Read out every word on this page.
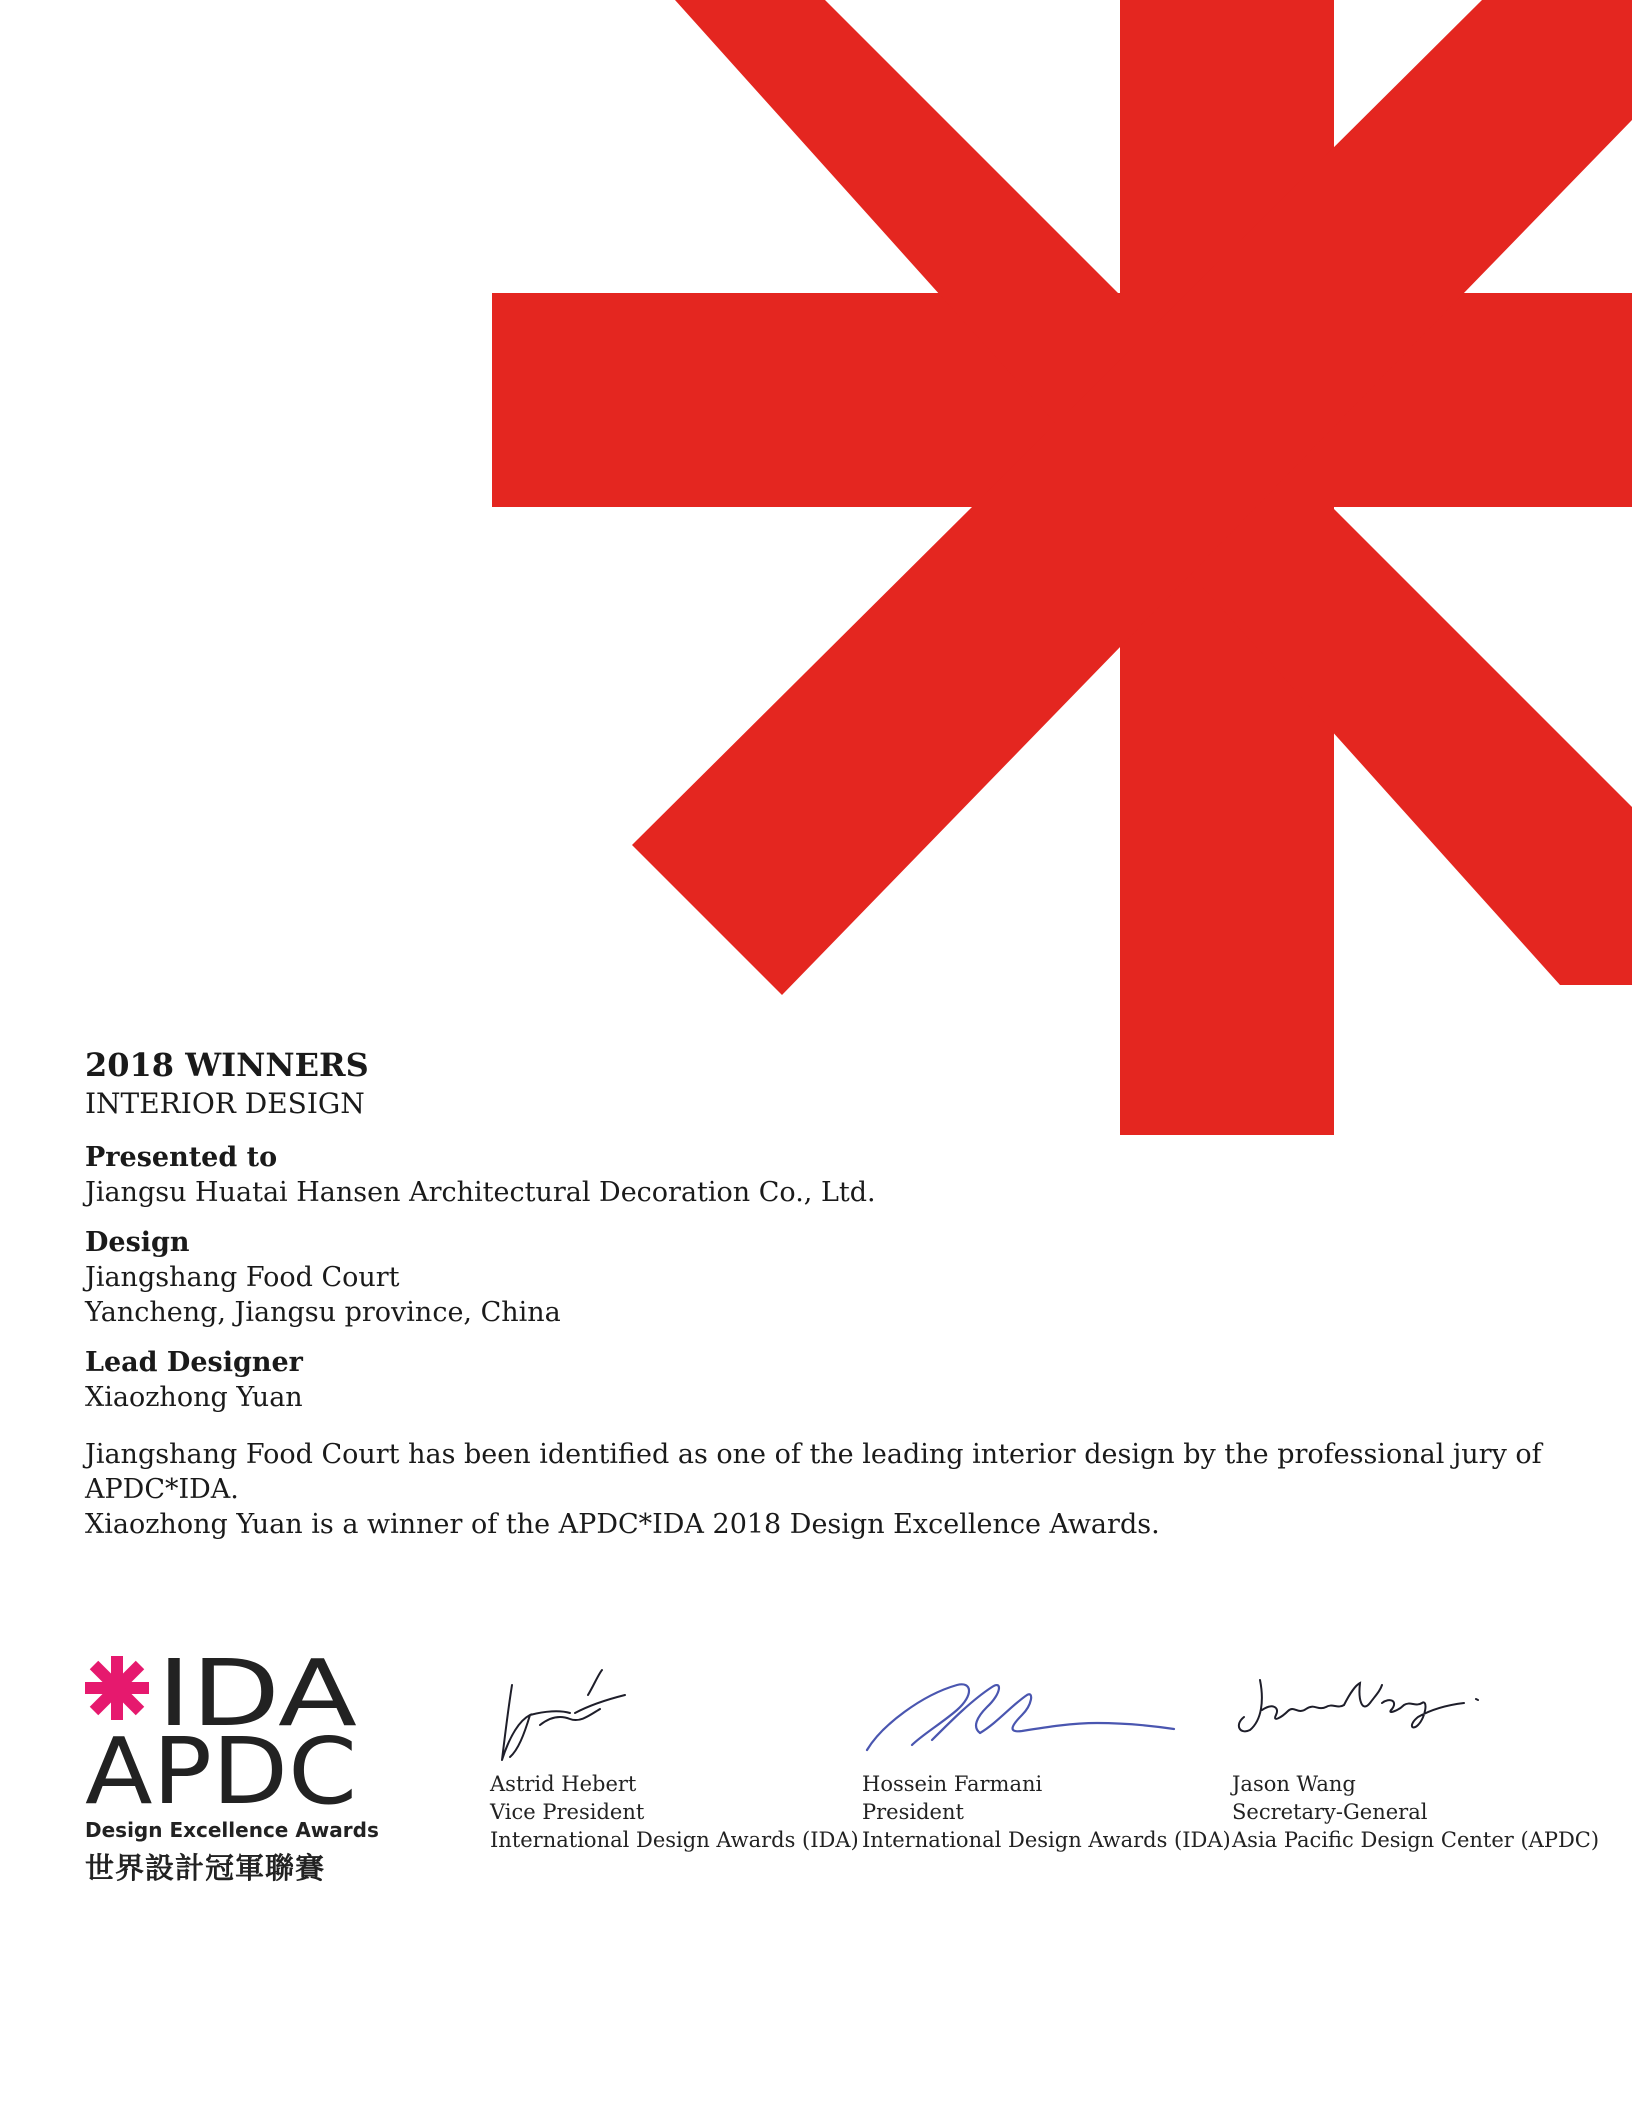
2018 WINNERS

INTERIOR DESIGN

Presented to

Jiangsu Huatai Hansen Architectural Decoration Co., Ltd.

Design

Jiangshang Food Court

Yancheng, Jiangsu province, China

Lead Designer

Xiaozhong Yuan

Jiangshang Food Court has been identified as one of the leading interior design by the professional jury of APDC*IDA.
Xiaozhong Yuan is a winner of the APDC*IDA 2018 Design Excellence Awards.
IDA
APDC
Design Excellence Awards
世界設計冠軍聯賽
Astrid Hebert
Vice President
International Design Awards (IDA)
Hossein Farmani
President
International Design Awards (IDA)
Jason Wang
Secretary-General
Asia Pacific Design Center (APDC)
